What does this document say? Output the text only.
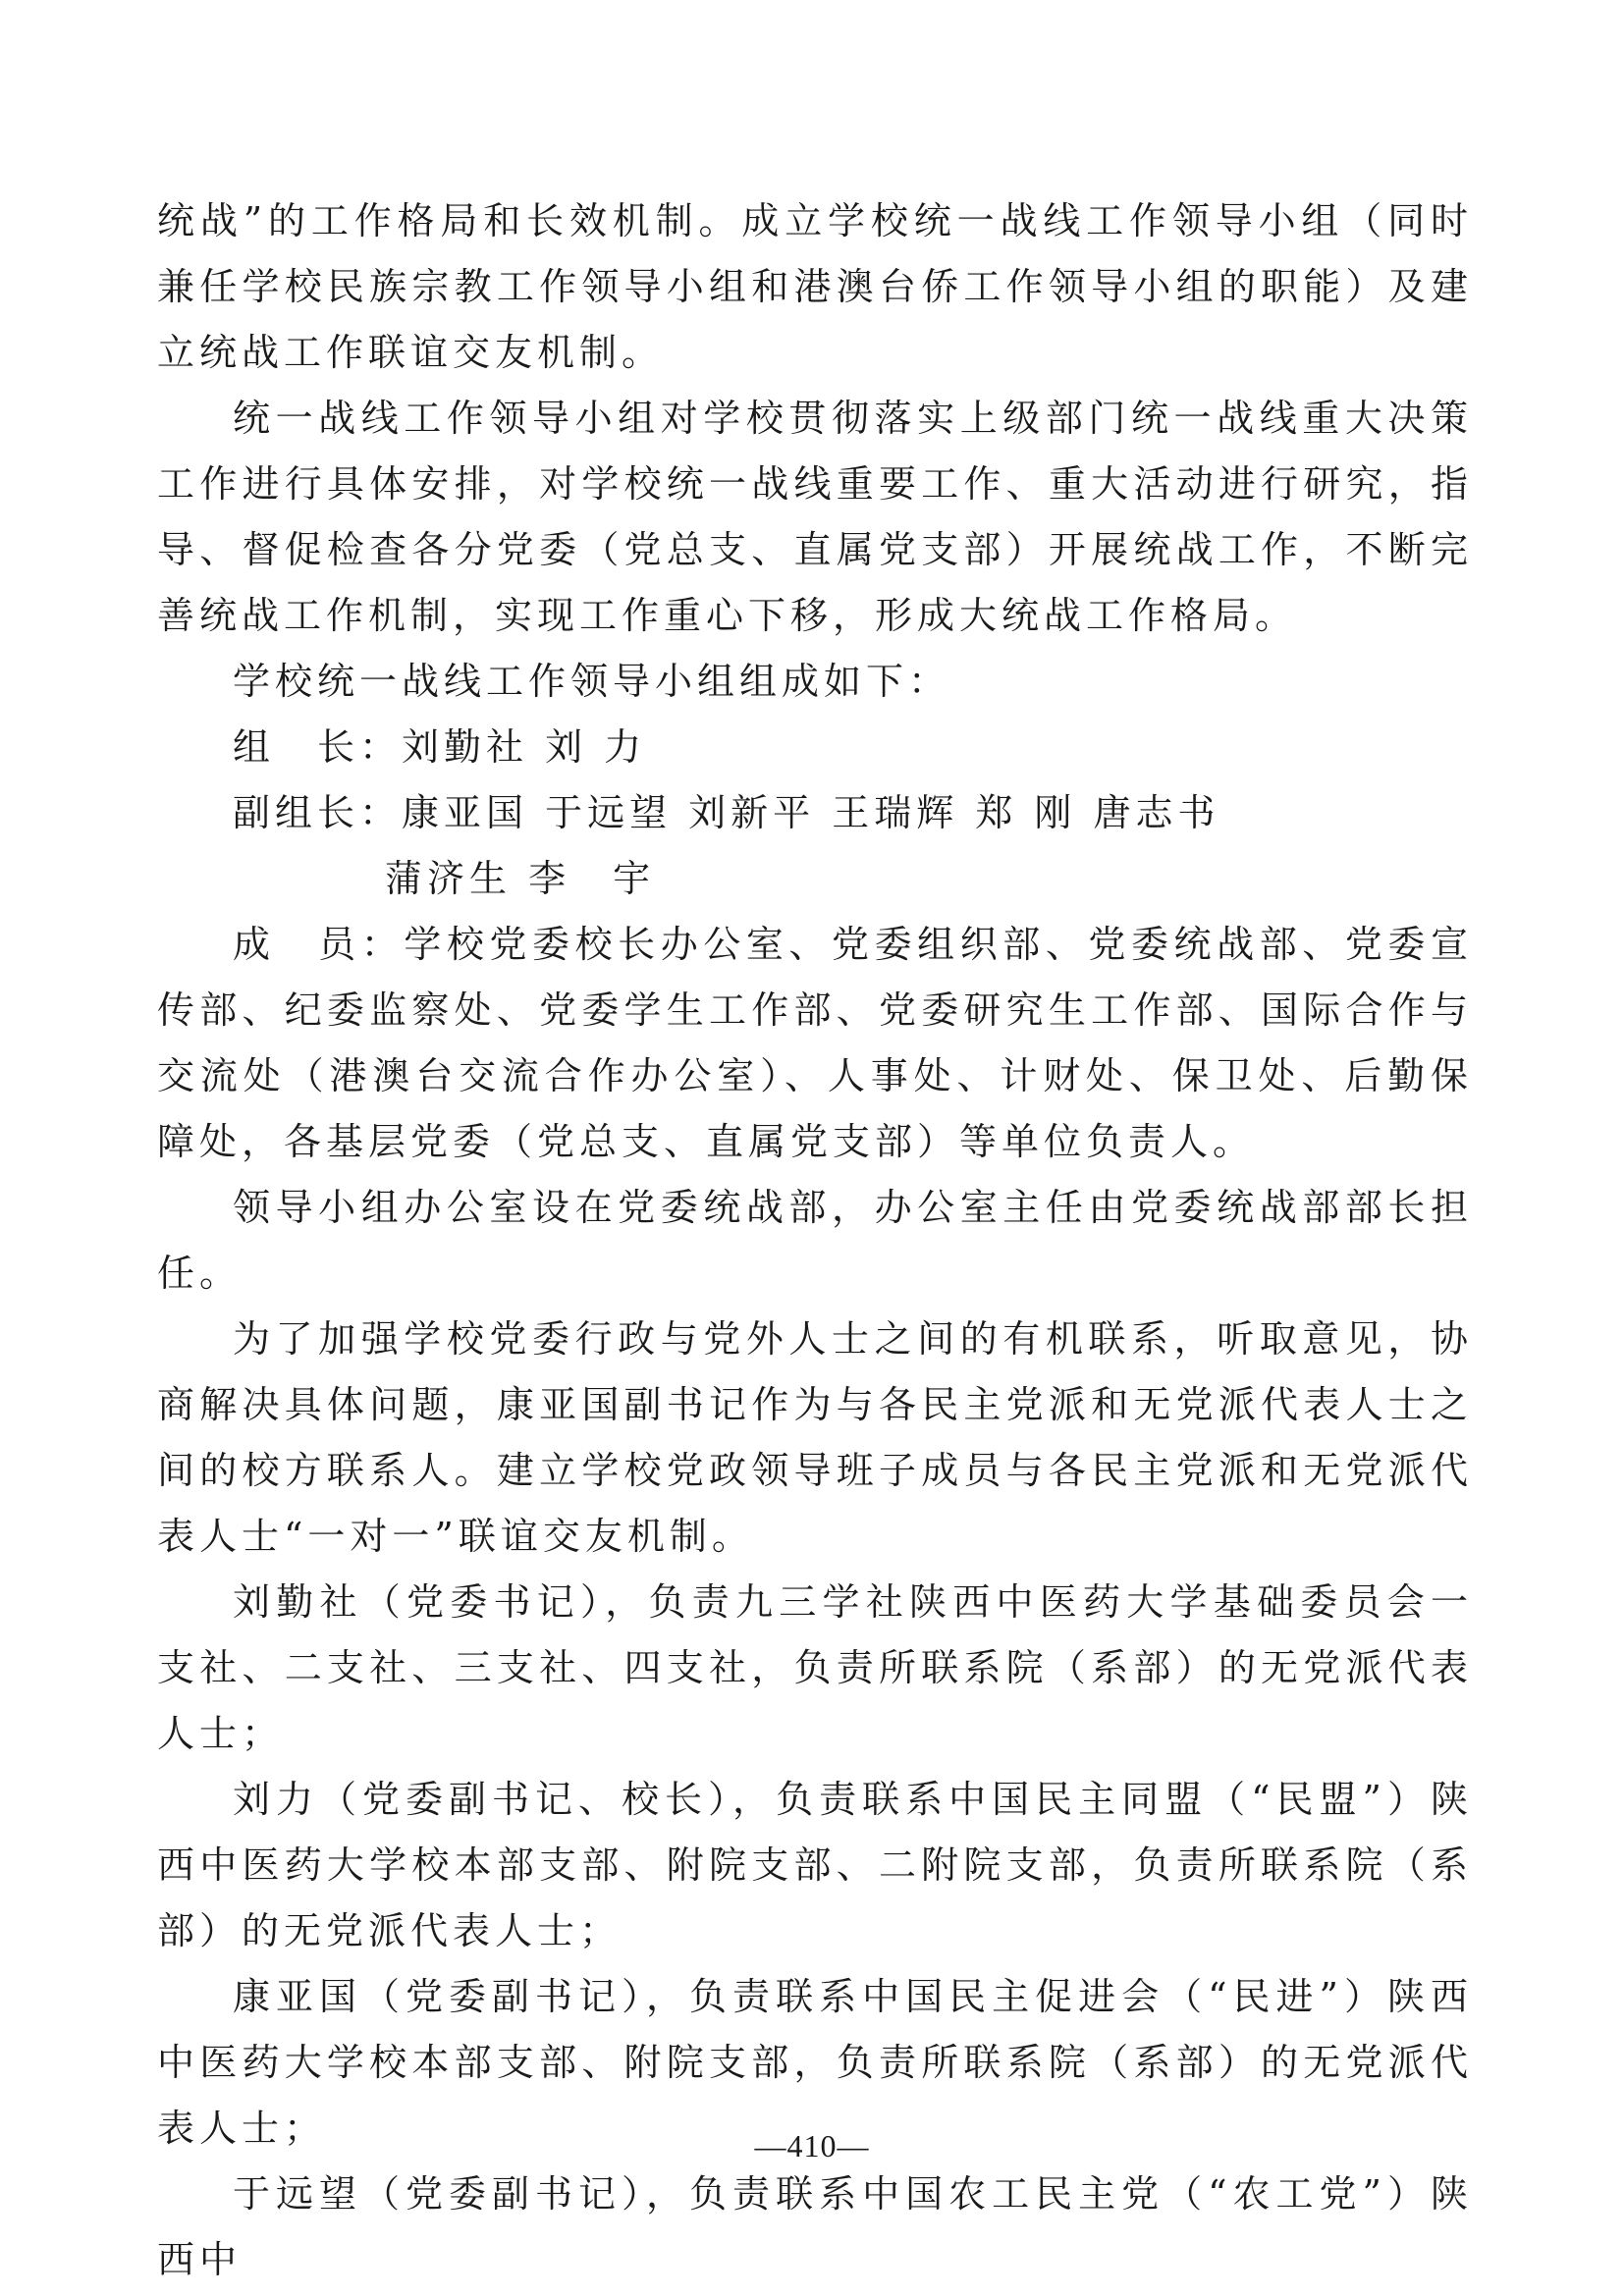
统战”的工作格局和长效机制。成立学校统一战线工作领导小组（同时兼任学校民族宗教工作领导小组和港澳台侨工作领导小组的职能）及建立统战工作联谊交友机制。

统一战线工作领导小组对学校贯彻落实上级部门统一战线重大决策工作进行具体安排，对学校统一战线重要工作、重大活动进行研究，指导、督促检查各分党委（党总支、直属党支部）开展统战工作，不断完善统战工作机制，实现工作重心下移，形成大统战工作格局。

学校统一战线工作领导小组组成如下：

组　长：刘勤社 刘 力

副组长：康亚国 于远望 刘新平 王瑞辉 郑 刚 唐志书

蒲济生 李　宇

成　员：学校党委校长办公室、党委组织部、党委统战部、党委宣传部、纪委监察处、党委学生工作部、党委研究生工作部、国际合作与交流处（港澳台交流合作办公室）、人事处、计财处、保卫处、后勤保障处，各基层党委（党总支、直属党支部）等单位负责人。

领导小组办公室设在党委统战部，办公室主任由党委统战部部长担任。

为了加强学校党委行政与党外人士之间的有机联系，听取意见，协商解决具体问题，康亚国副书记作为与各民主党派和无党派代表人士之间的校方联系人。建立学校党政领导班子成员与各民主党派和无党派代表人士“一对一”联谊交友机制。

刘勤社（党委书记），负责九三学社陕西中医药大学基础委员会一支社、二支社、三支社、四支社，负责所联系院（系部）的无党派代表人士；

刘力（党委副书记、校长），负责联系中国民主同盟（“民盟”）陕西中医药大学校本部支部、附院支部、二附院支部，负责所联系院（系部）的无党派代表人士；

康亚国（党委副书记），负责联系中国民主促进会（“民进”）陕西中医药大学校本部支部、附院支部，负责所联系院（系部）的无党派代表人士；

于远望（党委副书记），负责联系中国农工民主党（“农工党”）陕西中

—410—
